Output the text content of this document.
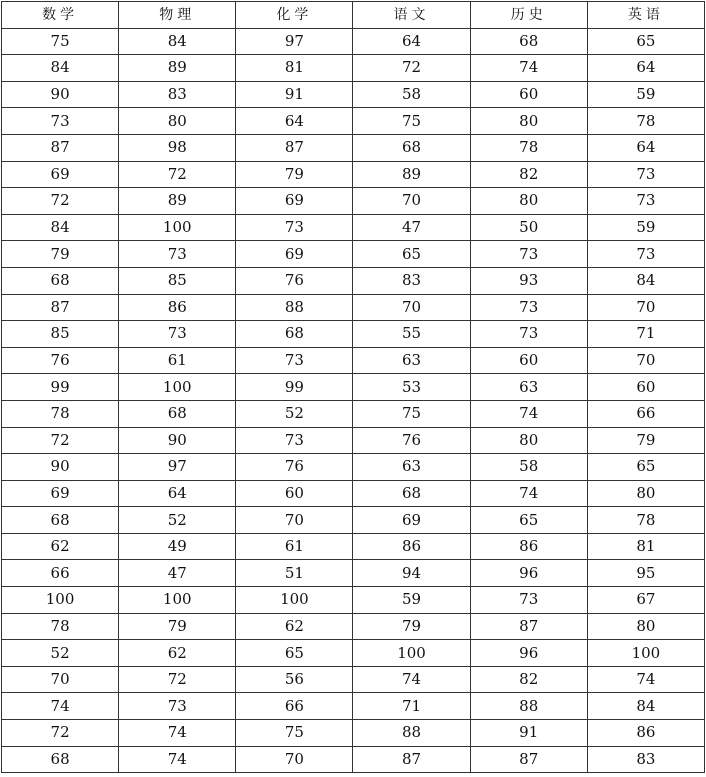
数学	物理	化学	语文	历史	英语
75	84	97	64	68	65
84	89	81	72	74	64
90	83	91	58	60	59
73	80	64	75	80	78
87	98	87	68	78	64
69	72	79	89	82	73
72	89	69	70	80	73
84	100	73	47	50	59
79	73	69	65	73	73
68	85	76	83	93	84
87	86	88	70	73	70
85	73	68	55	73	71
76	61	73	63	60	70
99	100	99	53	63	60
78	68	52	75	74	66
72	90	73	76	80	79
90	97	76	63	58	65
69	64	60	68	74	80
68	52	70	69	65	78
62	49	61	86	86	81
66	47	51	94	96	95
100	100	100	59	73	67
78	79	62	79	87	80
52	62	65	100	96	100
70	72	56	74	82	74
74	73	66	71	88	84
72	74	75	88	91	86
68	74	70	87	87	83
